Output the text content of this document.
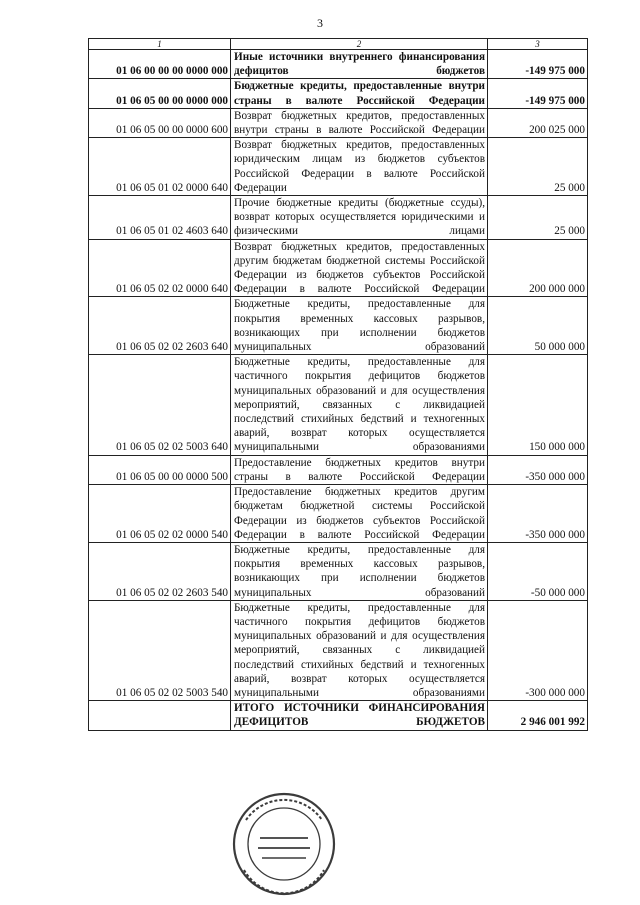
3
1	2	3
01 06 00 00 00 0000 000	Иные источники внутреннего финансирования дефицитов бюджетов	-149 975 000
01 06 05 00 00 0000 000	Бюджетные кредиты, предоставленные внутри страны в валюте Российской Федерации	-149 975 000
01 06 05 00 00 0000 600	Возврат бюджетных кредитов, предоставленных внутри страны в валюте Российской Федерации	200 025 000
01 06 05 01 02 0000 640	Возврат бюджетных кредитов, предоставленных юридическим лицам из бюджетов субъектов Российской Федерации в валюте Российской Федерации	25 000
01 06 05 01 02 4603 640	Прочие бюджетные кредиты (бюджетные ссуды), возврат которых осуществляется юридическими и физическими лицами	25 000
01 06 05 02 02 0000 640	Возврат бюджетных кредитов, предоставленных другим бюджетам бюджетной системы Российской Федерации из бюджетов субъектов Российской Федерации в валюте Российской Федерации	200 000 000
01 06 05 02 02 2603 640	Бюджетные кредиты, предоставленные для покрытия временных кассовых разрывов, возникающих при исполнении бюджетов муниципальных образований	50 000 000
01 06 05 02 02 5003 640	Бюджетные кредиты, предоставленные для частичного покрытия дефицитов бюджетов муниципальных образований и для осуществления мероприятий, связанных с ликвидацией последствий стихийных бедствий и техногенных аварий, возврат которых осуществляется муниципальными образованиями	150 000 000
01 06 05 00 00 0000 500	Предоставление бюджетных кредитов внутри страны в валюте Российской Федерации	-350 000 000
01 06 05 02 02 0000 540	Предоставление бюджетных кредитов другим бюджетам бюджетной системы Российской Федерации из бюджетов субъектов Российской Федерации в валюте Российской Федерации	-350 000 000
01 06 05 02 02 2603 540	Бюджетные кредиты, предоставленные для покрытия временных кассовых разрывов, возникающих при исполнении бюджетов муниципальных образований	-50 000 000
01 06 05 02 02 5003 540	Бюджетные кредиты, предоставленные для частичного покрытия дефицитов бюджетов муниципальных образований и для осуществления мероприятий, связанных с ликвидацией последствий стихийных бедствий и техногенных аварий, возврат которых осуществляется муниципальными образованиями	-300 000 000
	ИТОГО ИСТОЧНИКИ ФИНАНСИРОВАНИЯ ДЕФИЦИТОВ БЮДЖЕТОВ	2 946 001 992
